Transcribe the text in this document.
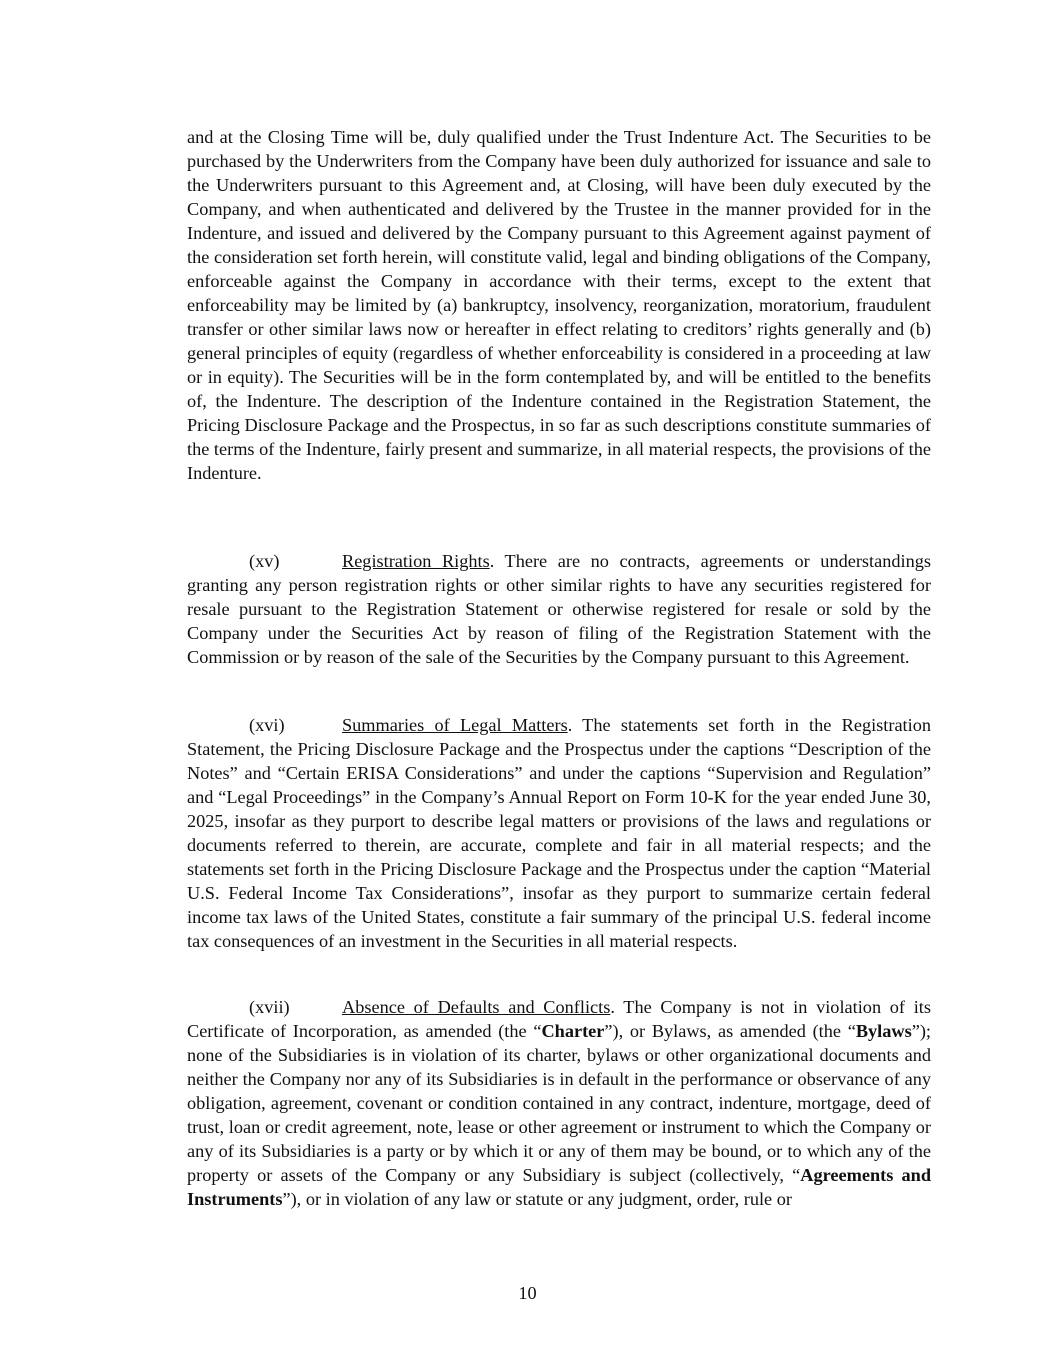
and at the Closing Time will be, duly qualified under the Trust Indenture Act. The Securities to be purchased by the Underwriters from the Company have been duly authorized for issuance and sale to the Underwriters pursuant to this Agreement and, at Closing, will have been duly executed by the Company, and when authenticated and delivered by the Trustee in the manner provided for in the Indenture, and issued and delivered by the Company pursuant to this Agreement against payment of the consideration set forth herein, will constitute valid, legal and binding obligations of the Company, enforceable against the Company in accordance with their terms, except to the extent that enforceability may be limited by (a) bankruptcy, insolvency, reorganization, moratorium, fraudulent transfer or other similar laws now or hereafter in effect relating to creditors’ rights generally and (b) general principles of equity (regardless of whether enforceability is considered in a proceeding at law or in equity). The Securities will be in the form contemplated by, and will be entitled to the benefits of, the Indenture. The description of the Indenture contained in the Registration Statement, the Pricing Disclosure Package and the Prospectus, in so far as such descriptions constitute summaries of the terms of the Indenture, fairly present and summarize, in all material respects, the provisions of the Indenture.

(xv)	Registration Rights. There are no contracts, agreements or understandings granting any person registration rights or other similar rights to have any securities registered for resale pursuant to the Registration Statement or otherwise registered for resale or sold by the Company under the Securities Act by reason of filing of the Registration Statement with the Commission or by reason of the sale of the Securities by the Company pursuant to this Agreement.

(xvi)	Summaries of Legal Matters. The statements set forth in the Registration Statement, the Pricing Disclosure Package and the Prospectus under the captions “Description of the Notes” and “Certain ERISA Considerations” and under the captions “Supervision and Regulation” and “Legal Proceedings” in the Company’s Annual Report on Form 10-K for the year ended June 30, 2025, insofar as they purport to describe legal matters or provisions of the laws and regulations or documents referred to therein, are accurate, complete and fair in all material respects; and the statements set forth in the Pricing Disclosure Package and the Prospectus under the caption “Material U.S. Federal Income Tax Considerations”, insofar as they purport to summarize certain federal income tax laws of the United States, constitute a fair summary of the principal U.S. federal income tax consequences of an investment in the Securities in all material respects.

(xvii)	Absence of Defaults and Conflicts. The Company is not in violation of its Certificate of Incorporation, as amended (the “Charter”), or Bylaws, as amended (the “Bylaws”); none of the Subsidiaries is in violation of its charter, bylaws or other organizational documents and neither the Company nor any of its Subsidiaries is in default in the performance or observance of any obligation, agreement, covenant or condition contained in any contract, indenture, mortgage, deed of trust, loan or credit agreement, note, lease or other agreement or instrument to which the Company or any of its Subsidiaries is a party or by which it or any of them may be bound, or to which any of the property or assets of the Company or any Subsidiary is subject (collectively, “Agreements and Instruments”), or in violation of any law or statute or any judgment, order, rule or

10
